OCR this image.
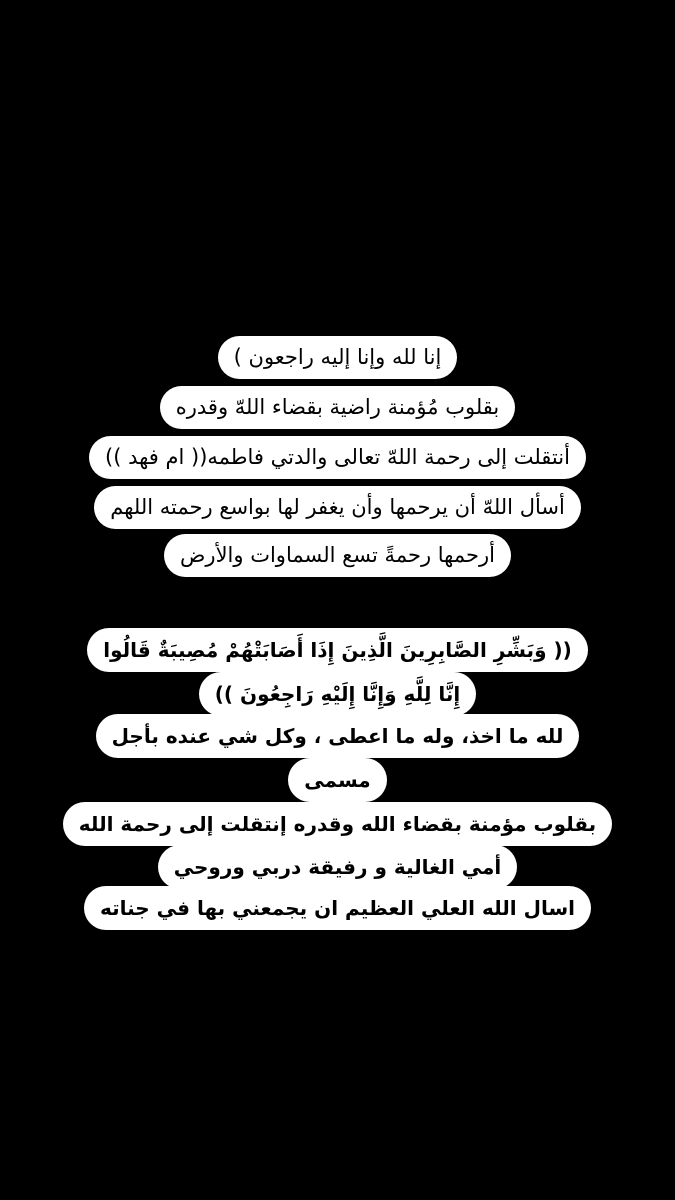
إنا لله وإنا إليه راجعون )
بقلوب مُؤمنة راضية بقضاء اللهّ وقدره
أنتقلت إلى رحمة اللهّ تعالى والدتي فاطمه(( ام فهد ))
أسأل اللهّ أن يرحمها وأن يغفر لها بواسع رحمته اللهم
أرحمها رحمةً تسع السماوات والأرض
(( وَبَشِّرِ الصَّابِرِينَ الَّذِينَ إِذَا أَصَابَتْهُمْ مُصِيبَةٌ قَالُوا
إِنَّا لِلَّهِ وَإِنَّا إِلَيْهِ رَاجِعُونَ ))
لله ما اخذ، وله ما اعطى ، وكل شي عنده بأجل
مسمى
بقلوب مؤمنة بقضاء الله وقدره إنتقلت إلى رحمة الله
أمي الغالية و رفيقة دربي وروحي
اسال الله العلي العظيم ان يجمعني بها في جناته
